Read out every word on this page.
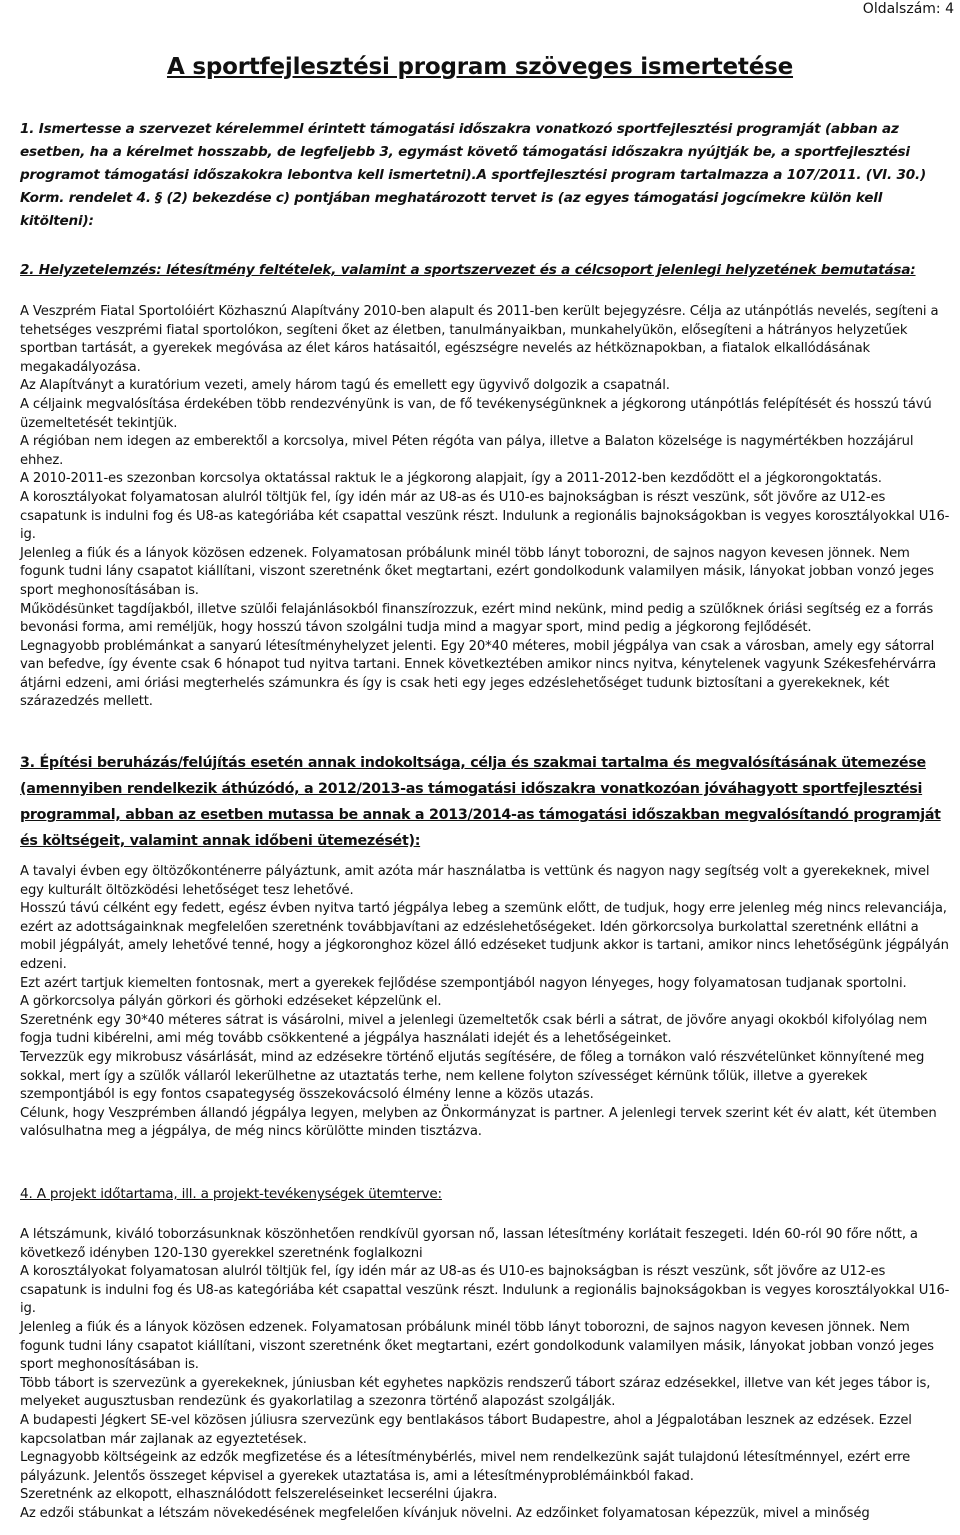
Oldalszám: 4
A sportfejlesztési program szöveges ismertetése
1. Ismertesse a szervezet kérelemmel érintett támogatási időszakra vonatkozó sportfejlesztési programját (abban az esetben, ha a kérelmet hosszabb, de legfeljebb 3, egymást követő támogatási időszakra nyújtják be, a sportfejlesztési programot támogatási időszakokra lebontva kell ismertetni).A sportfejlesztési program tartalmazza a 107/2011. (VI. 30.) Korm. rendelet 4. § (2) bekezdése c) pontjában meghatározott tervet is (az egyes támogatási jogcímekre külön kell kitölteni):
2. Helyzetelemzés: létesítmény feltételek, valamint a sportszervezet és a célcsoport jelenlegi helyzetének bemutatása:

A Veszprém Fiatal Sportolóiért Közhasznú Alapítvány 2010-ben alapult és 2011-ben került bejegyzésre. Célja az utánpótlás nevelés, segíteni a tehetséges veszprémi fiatal sportolókon, segíteni őket az életben, tanulmányaikban, munkahelyükön, elősegíteni a hátrányos helyzetűek sportban tartását, a gyerekek megóvása az élet káros hatásaitól, egészségre nevelés az hétköznapokban, a fiatalok elkallódásának megakadályozása.

Az Alapítványt a kuratórium vezeti, amely három tagú és emellett egy ügyvivő dolgozik a csapatnál.

A céljaink megvalósítása érdekében több rendezvényünk is van, de fő tevékenységünknek a jégkorong utánpótlás felépítését és hosszú távú üzemeltetését tekintjük.

A régióban nem idegen az emberektől a korcsolya, mivel Péten régóta van pálya, illetve a Balaton közelsége is nagymértékben hozzájárul ehhez.

A 2010-2011-es szezonban korcsolya oktatással raktuk le a jégkorong alapjait, így a 2011-2012-ben kezdődött el a jégkorongoktatás.

A korosztályokat folyamatosan alulról töltjük fel, így idén már az U8-as és U10-es bajnokságban is részt veszünk, sőt jövőre az U12-es csapatunk is indulni fog és U8-as kategóriába két csapattal veszünk részt. Indulunk a regionális bajnokságokban is vegyes korosztályokkal U16-ig.

Jelenleg a fiúk és a lányok közösen edzenek. Folyamatosan próbálunk minél több lányt toborozni, de sajnos nagyon kevesen jönnek. Nem fogunk tudni lány csapatot kiállítani, viszont szeretnénk őket megtartani, ezért gondolkodunk valamilyen másik, lányokat jobban vonzó jeges sport meghonosításában is.

Működésünket tagdíjakból, illetve szülői felajánlásokból finanszírozzuk, ezért mind nekünk, mind pedig a szülőknek óriási segítség ez a forrás bevonási forma, ami reméljük, hogy hosszú távon szolgálni tudja mind a magyar sport, mind pedig a jégkorong fejlődését.

Legnagyobb problémánkat a sanyarú létesítményhelyzet jelenti. Egy 20*40 méteres, mobil jégpálya van csak a városban, amely egy sátorral van befedve, így évente csak 6 hónapot tud nyitva tartani. Ennek következtében amikor nincs nyitva, kénytelenek vagyunk Székesfehérvárra átjárni edzeni, ami óriási megterhelés számunkra és így is csak heti egy jeges edzéslehetőséget tudunk biztosítani a gyerekeknek, két szárazedzés mellett.

3. Építési beruházás/felújítás esetén annak indokoltsága, célja és szakmai tartalma és megvalósításának ütemezése (amennyiben rendelkezik áthúzódó, a 2012/2013-as támogatási időszakra vonatkozóan jóváhagyott sportfejlesztési programmal, abban az esetben mutassa be annak a 2013/2014-as támogatási időszakban megvalósítandó programját és költségeit, valamint annak időbeni ütemezését):

A tavalyi évben egy öltözőkonténerre pályáztunk, amit azóta már használatba is vettünk és nagyon nagy segítség volt a gyerekeknek, mivel egy kulturált öltözködési lehetőséget tesz lehetővé.

Hosszú távú célként egy fedett, egész évben nyitva tartó jégpálya lebeg a szemünk előtt, de tudjuk, hogy erre jelenleg még nincs relevanciája, ezért az adottságainknak megfelelően szeretnénk továbbjavítani az edzéslehetőségeket. Idén görkorcsolya burkolattal szeretnénk ellátni a mobil jégpályát, amely lehetővé tenné, hogy a jégkoronghoz közel álló edzéseket tudjunk akkor is tartani, amikor nincs lehetőségünk jégpályán edzeni.

Ezt azért tartjuk kiemelten fontosnak, mert a gyerekek fejlődése szempontjából nagyon lényeges, hogy folyamatosan tudjanak sportolni.

A görkorcsolya pályán görkori és görhoki edzéseket képzelünk el.

Szeretnénk egy 30*40 méteres sátrat is vásárolni, mivel a jelenlegi üzemeltetők csak bérli a sátrat, de jövőre anyagi okokból kifolyólag nem fogja tudni kibérelni, ami még tovább csökkentené a jégpálya használati idejét és a lehetőségeinket.

Tervezzük egy mikrobusz vásárlását, mind az edzésekre történő eljutás segítésére, de főleg a tornákon való részvételünket könnyítené meg sokkal, mert így a szülők vállaról lekerülhetne az utaztatás terhe, nem kellene folyton szívességet kérnünk tőlük, illetve a gyerekek szempontjából is egy fontos csapategység összekovácsoló élmény lenne a közös utazás.

Célunk, hogy Veszprémben állandó jégpálya legyen, melyben az Önkormányzat is partner. A jelenlegi tervek szerint két év alatt, két ütemben valósulhatna meg a jégpálya, de még nincs körülötte minden tisztázva.

4. A projekt időtartama, ill. a projekt-tevékenységek ütemterve:

A létszámunk, kiváló toborzásunknak köszönhetően rendkívül gyorsan nő, lassan létesítmény korlátait feszegeti. Idén 60-ról 90 főre nőtt, a következő idényben 120-130 gyerekkel szeretnénk foglalkozni

A korosztályokat folyamatosan alulról töltjük fel, így idén már az U8-as és U10-es bajnokságban is részt veszünk, sőt jövőre az U12-es csapatunk is indulni fog és U8-as kategóriába két csapattal veszünk részt. Indulunk a regionális bajnokságokban is vegyes korosztályokkal U16-ig.

Jelenleg a fiúk és a lányok közösen edzenek. Folyamatosan próbálunk minél több lányt toborozni, de sajnos nagyon kevesen jönnek. Nem fogunk tudni lány csapatot kiállítani, viszont szeretnénk őket megtartani, ezért gondolkodunk valamilyen másik, lányokat jobban vonzó jeges sport meghonosításában is.

Több tábort is szervezünk a gyerekeknek, júniusban két egyhetes napközis rendszerű tábort száraz edzésekkel, illetve van két jeges tábor is, melyeket augusztusban rendezünk és gyakorlatilag a szezonra történő alapozást szolgálják.

A budapesti Jégkert SE-vel közösen júliusra szervezünk egy bentlakásos tábort Budapestre, ahol a Jégpalotában lesznek az edzések. Ezzel kapcsolatban már zajlanak az egyeztetések.

Legnagyobb költségeink az edzők megfizetése és a létesítménybérlés, mivel nem rendelkezünk saját tulajdonú létesítménnyel, ezért erre pályázunk. Jelentős összeget képvisel a gyerekek utaztatása is, ami a létesítményproblémáinkból fakad.

Szeretnénk az elkopott, elhasználódott felszereléseinket lecserélni újakra.

Az edzői stábunkat a létszám növekedésének megfelelően kívánjuk növelni. Az edzőinket folyamatosan képezzük, mivel a minőség
